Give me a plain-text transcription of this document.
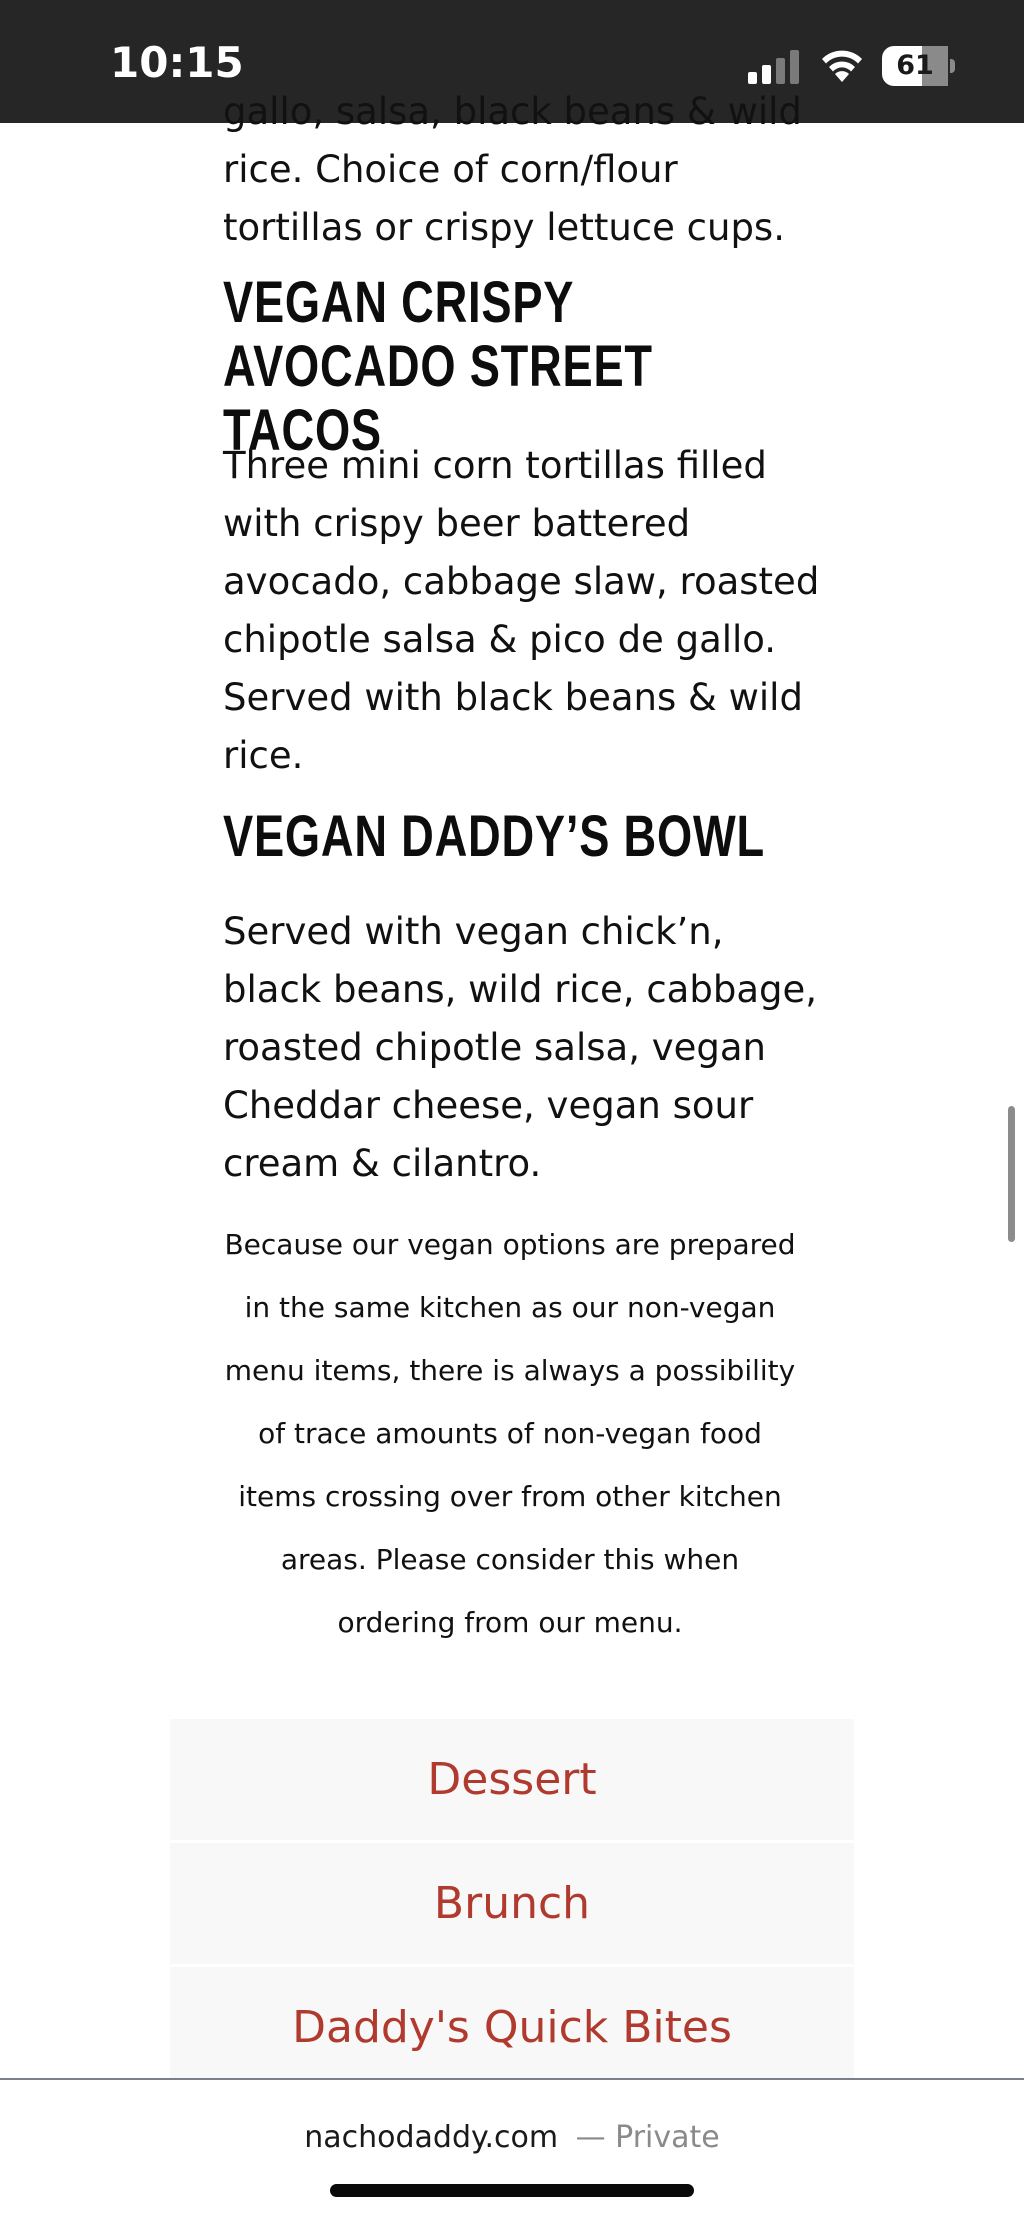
10:15	61

gallo, salsa, black beans & wild rice. Choice of corn/flour tortillas or crispy lettuce cups.

VEGAN CRISPY AVOCADO STREET TACOS

Three mini corn tortillas filled with crispy beer battered avocado, cabbage slaw, roasted chipotle salsa & pico de gallo. Served with black beans & wild rice.

VEGAN DADDY’S BOWL

Served with vegan chick’n, black beans, wild rice, cabbage, roasted chipotle salsa, vegan Cheddar cheese, vegan sour cream & cilantro.

Because our vegan options are prepared in the same kitchen as our non-vegan menu items, there is always a possibility of trace amounts of non-vegan food items crossing over from other kitchen areas. Please consider this when ordering from our menu.

Dessert
Brunch
Daddy's Quick Bites
nachodaddy.com — Private
